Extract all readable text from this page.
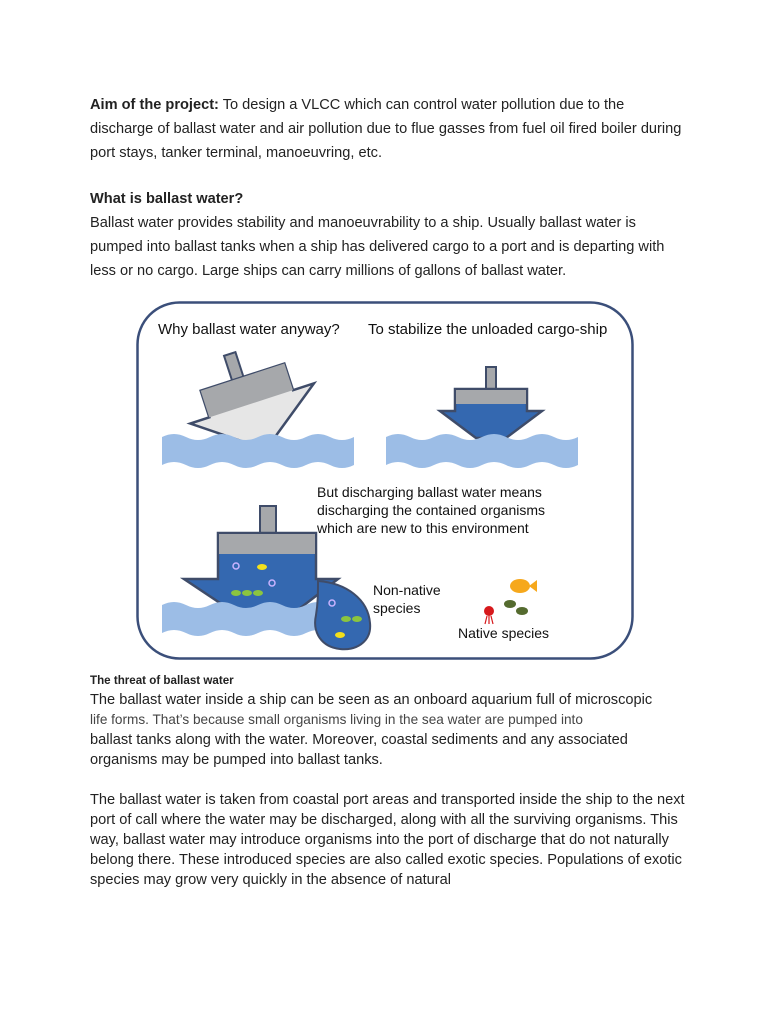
Aim of the project: To design a VLCC which can control water pollution due to the discharge of ballast water and air pollution due to flue gasses from fuel oil fired boiler during port stays, tanker terminal, manoeuvring, etc.

What is ballast water?

Ballast water provides stability and manoeuvrability to a ship. Usually ballast water is pumped into ballast tanks when a ship has delivered cargo to a port and is departing with less or no cargo. Large ships can carry millions of gallons of ballast water.

Why ballast water anyway? To stabilize the unloaded cargo-ship
But discharging ballast water means
discharging the contained organisms
which are new to this environment
Non-native
species
Native species

The threat of ballast water

The ballast water inside a ship can be seen as an onboard aquarium full of microscopic
life forms. That’s because small organisms living in the sea water are pumped into
ballast tanks along with the water. Moreover, coastal sediments and any associated organisms may be pumped into ballast tanks.

The ballast water is taken from coastal port areas and transported inside the ship to the next port of call where the water may be discharged, along with all the surviving organisms. This way, ballast water may introduce organisms into the port of discharge that do not naturally belong there. These introduced species are also called exotic species. Populations of exotic species may grow very quickly in the absence of natural
